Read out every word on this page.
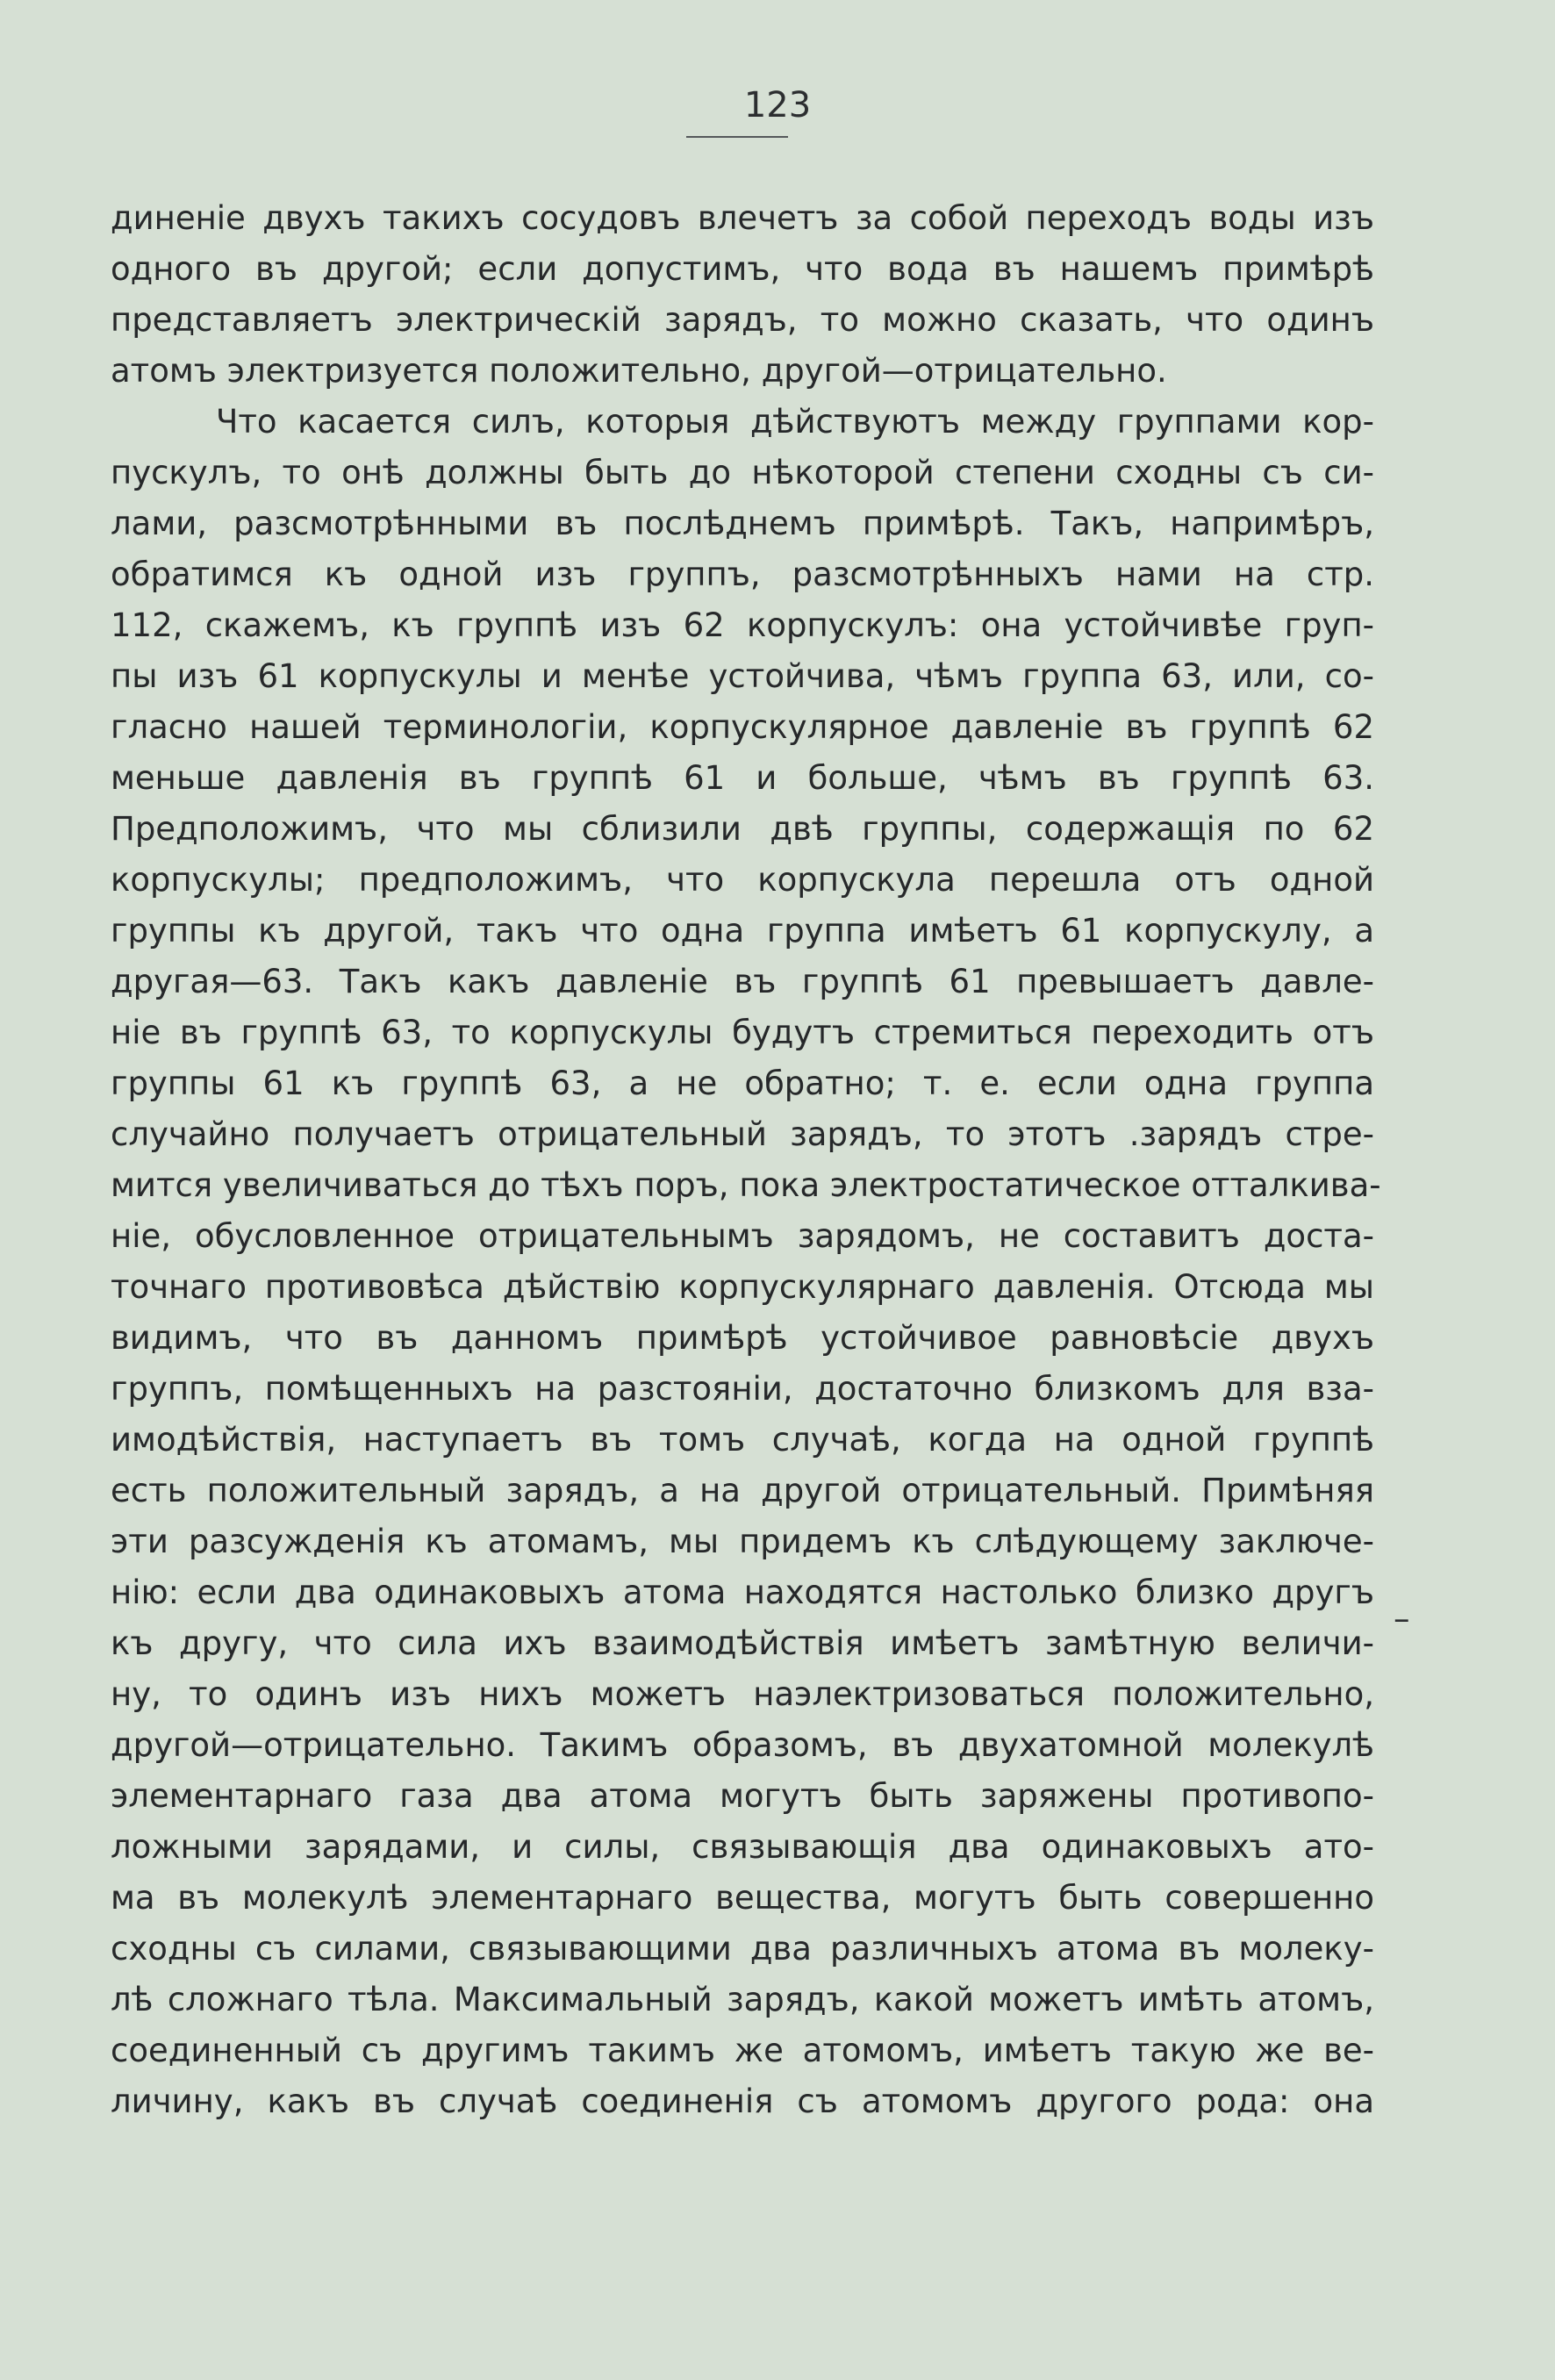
123
диненіе двухъ такихъ сосудовъ влечетъ за собой переходъ воды изъ
одного въ другой; если допустимъ, что вода въ нашемъ примѣрѣ
представляетъ электрическій зарядъ, то можно сказать, что одинъ
атомъ электризуется положительно, другой—отрицательно.
Что касается силъ, которыя дѣйствуютъ между группами кор-
пускулъ, то онѣ должны быть до нѣкоторой степени сходны съ си-
лами, разсмотрѣнными въ послѣднемъ примѣрѣ. Такъ, напримѣръ,
обратимся къ одной изъ группъ, разсмотрѣнныхъ нами на стр.
112, скажемъ, къ группѣ изъ 62 корпускулъ: она устойчивѣе груп-
пы изъ 61 корпускулы и менѣе устойчива, чѣмъ группа 63, или, со-
гласно нашей терминологіи, корпускулярное давленіе въ группѣ 62
меньше давленія въ группѣ 61 и больше, чѣмъ въ группѣ 63.
Предположимъ, что мы сблизили двѣ группы, содержащія по 62
корпускулы; предположимъ, что корпускула перешла отъ одной
группы къ другой, такъ что одна группа имѣетъ 61 корпускулу, а
другая—63. Такъ какъ давленіе въ группѣ 61 превышаетъ давле-
ніе въ группѣ 63, то корпускулы будутъ стремиться переходить отъ
группы 61 къ группѣ 63, а не обратно; т. е. если одна группа
случайно получаетъ отрицательный зарядъ, то этотъ .зарядъ стре-
мится увеличиваться до тѣхъ поръ, пока электростатическое отталкива-
ніе, обусловленное отрицательнымъ зарядомъ, не составитъ доста-
точнаго противовѣса дѣйствію корпускулярнаго давленія. Отсюда мы
видимъ, что въ данномъ примѣрѣ устойчивое равновѣсіе двухъ
группъ, помѣщенныхъ на разстояніи, достаточно близкомъ для вза-
имодѣйствія, наступаетъ въ томъ случаѣ, когда на одной группѣ
есть положительный зарядъ, а на другой отрицательный. Примѣняя
эти разсужденія къ атомамъ, мы придемъ къ слѣдующему заключе-
нію: если два одинаковыхъ атома находятся настолько близко другъ
къ другу, что сила ихъ взаимодѣйствія имѣетъ замѣтную величи-
ну, то одинъ изъ нихъ можетъ наэлектризоваться положительно,
другой—отрицательно. Такимъ образомъ, въ двухатомной молекулѣ
элементарнаго газа два атома могутъ быть заряжены противопо-
ложными зарядами, и силы, связывающія два одинаковыхъ ато-
ма въ молекулѣ элементарнаго вещества, могутъ быть совершенно
сходны съ силами, связывающими два различныхъ атома въ молеку-
лѣ сложнаго тѣла. Максимальный зарядъ, какой можетъ имѣть атомъ,
соединенный съ другимъ такимъ же атомомъ, имѣетъ такую же ве-
личину, какъ въ случаѣ соединенія съ атомомъ другого рода: она
–
